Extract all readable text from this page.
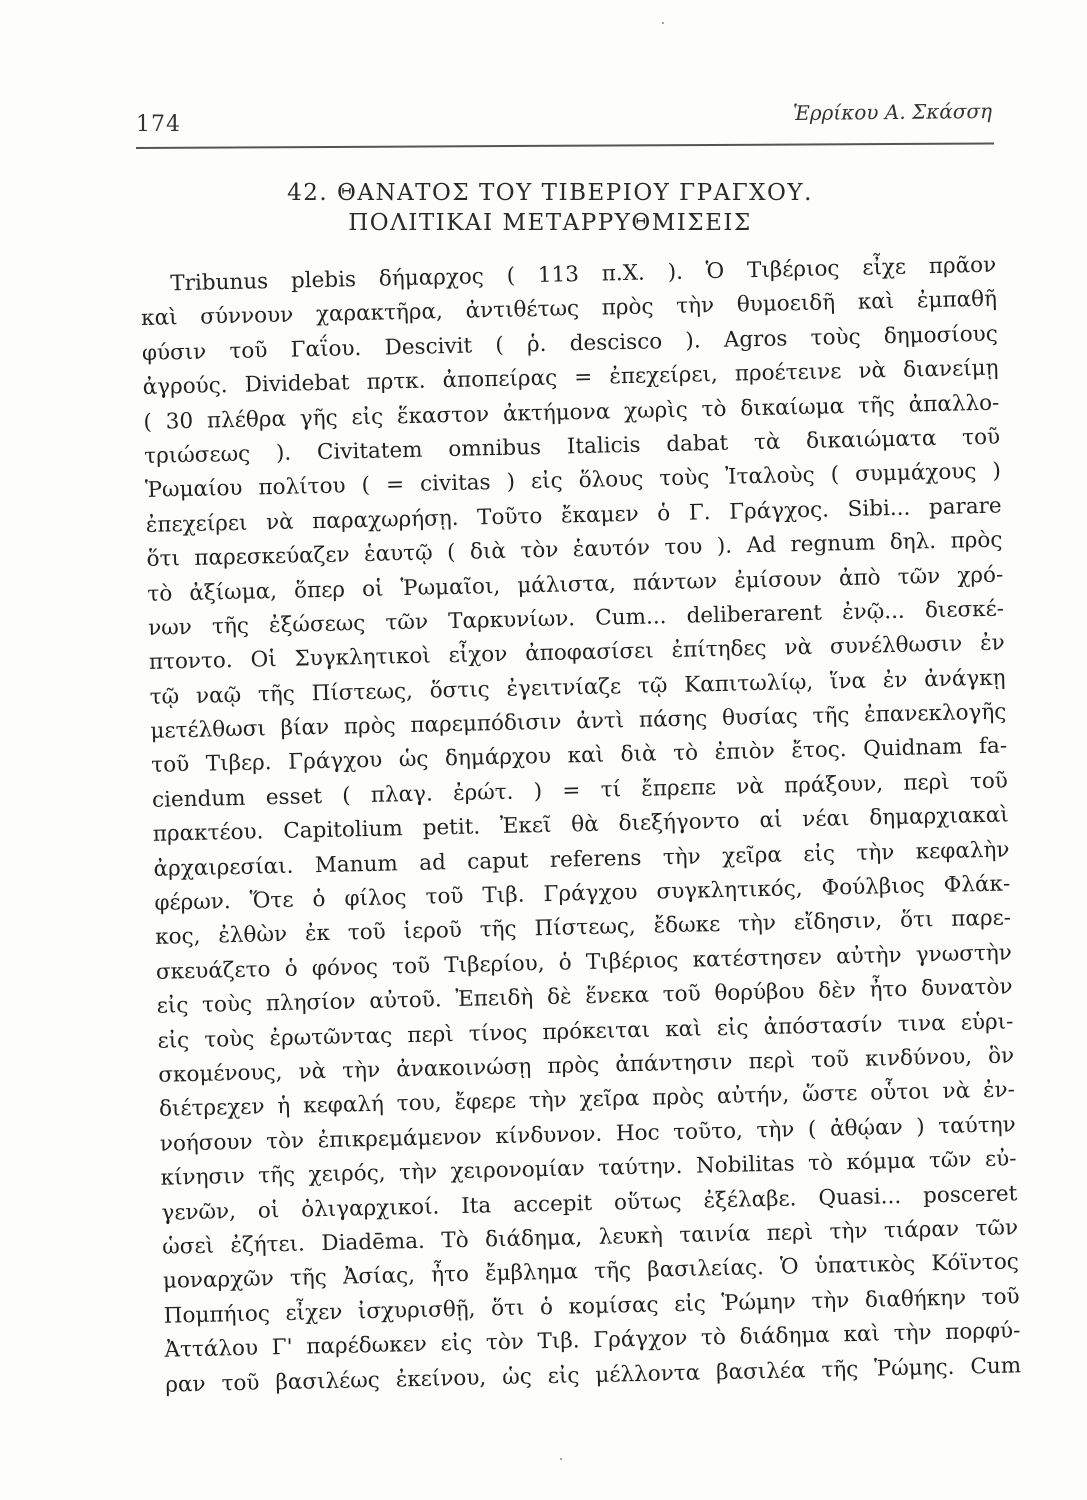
174	Ἑρρίκου Α. Σκάσση
42. ΘΑΝΑΤΟΣ ΤΟΥ ΤΙΒΕΡΙΟΥ ΓΡΑΓΧΟΥ.
ΠΟΛΙΤΙΚΑΙ ΜΕΤΑΡΡΥΘΜΙΣΕΙΣ
Tribunus plebis δήμαρχος ( 113 π.Χ. ). Ὁ Τιβέριος εἶχε πρᾶον
καὶ σύννουν χαρακτῆρα, ἀντιθέτως πρὸς τὴν θυμοειδῆ καὶ ἐμπαθῆ
φύσιν τοῦ Γαΐου. Descivit ( ῥ. desciscο ). Agros τοὺς δημοσίους
ἀγρούς. Dividebat πρτκ. ἀποπείρας = ἐπεχείρει, προέτεινε νὰ διανείμῃ
( 30 πλέθρα γῆς εἰς ἕκαστον ἀκτήμονα χωρὶς τὸ δικαίωμα τῆς ἀπαλλο-
τριώσεως ). Civitatem omnibus Italicis dabat τὰ δικαιώματα τοῦ
Ῥωμαίου πολίτου ( = civitas ) εἰς ὅλους τοὺς Ἰταλοὺς ( συμμάχους )
ἐπεχείρει νὰ παραχωρήσῃ. Τοῦτο ἔκαμεν ὁ Γ. Γράγχος. Sibi... parare
ὅτι παρεσκεύαζεν ἑαυτῷ ( διὰ τὸν ἑαυτόν του ). Ad regnum δηλ. πρὸς
τὸ ἀξίωμα, ὅπερ οἱ Ῥωμαῖοι, μάλιστα, πάντων ἐμίσουν ἀπὸ τῶν χρό-
νων τῆς ἐξώσεως τῶν Ταρκυνίων. Cum... deliberarent ἐνῷ... διεσκέ-
πτοντο. Οἱ Συγκλητικοὶ εἶχον ἀποφασίσει ἐπίτηδες νὰ συνέλθωσιν ἐν
τῷ ναῷ τῆς Πίστεως, ὅστις ἐγειτνίαζε τῷ Καπιτωλίῳ, ἵνα ἐν ἀνάγκῃ
μετέλθωσι βίαν πρὸς παρεμπόδισιν ἀντὶ πάσης θυσίας τῆς ἐπανεκλογῆς
τοῦ Τιβερ. Γράγχου ὡς δημάρχου καὶ διὰ τὸ ἐπιὸν ἔτος. Quidnam fa-
ciendum esset ( πλαγ. ἐρώτ. ) = τί ἔπρεπε νὰ πράξουν, περὶ τοῦ
πρακτέου. Capitolium petit. Ἐκεῖ θὰ διεξήγοντο αἱ νέαι δημαρχιακαὶ
ἀρχαιρεσίαι. Manum ad caput referens τὴν χεῖρα εἰς τὴν κεφαλὴν
φέρων. Ὅτε ὁ φίλος τοῦ Τιβ. Γράγχου συγκλητικός, Φούλβιος Φλάκ-
κος, ἐλθὼν ἐκ τοῦ ἱεροῦ τῆς Πίστεως, ἔδωκε τὴν εἴδησιν, ὅτι παρε-
σκευάζετο ὁ φόνος τοῦ Τιβερίου, ὁ Τιβέριος κατέστησεν αὐτὴν γνωστὴν
εἰς τοὺς πλησίον αὐτοῦ. Ἐπειδὴ δὲ ἕνεκα τοῦ θορύβου δὲν ἦτο δυνατὸν
εἰς τοὺς ἐρωτῶντας περὶ τίνος πρόκειται καὶ εἰς ἀπόστασίν τινα εὑρι-
σκομένους, νὰ τὴν ἀνακοινώσῃ πρὸς ἀπάντησιν περὶ τοῦ κινδύνου, ὃν
διέτρεχεν ἡ κεφαλή του, ἔφερε τὴν χεῖρα πρὸς αὐτήν, ὥστε οὗτοι νὰ ἐν-
νοήσουν τὸν ἐπικρεμάμενον κίνδυνον. Hoc τοῦτο, τὴν ( ἀθῴαν ) ταύτην
κίνησιν τῆς χειρός, τὴν χειρονομίαν ταύτην. Nobilitas τὸ κόμμα τῶν εὐ-
γενῶν, οἱ ὀλιγαρχικοί. Ita accepit οὕτως ἐξέλαβε. Quasi... posceret
ὡσεὶ ἐζήτει. Diadēma. Τὸ διάδημα, λευκὴ ταινία περὶ τὴν τιάραν τῶν
μοναρχῶν τῆς Ἀσίας, ἦτο ἔμβλημα τῆς βασιλείας. Ὁ ὑπατικὸς Κόϊντος
Πομπήιος εἶχεν ἰσχυρισθῇ, ὅτι ὁ κομίσας εἰς Ῥώμην τὴν διαθήκην τοῦ
Ἀττάλου Γ' παρέδωκεν εἰς τὸν Τιβ. Γράγχον τὸ διάδημα καὶ τὴν πορφύ-
ραν τοῦ βασιλέως ἐκείνου, ὡς εἰς μέλλοντα βασιλέα τῆς Ῥώμης. Cum
